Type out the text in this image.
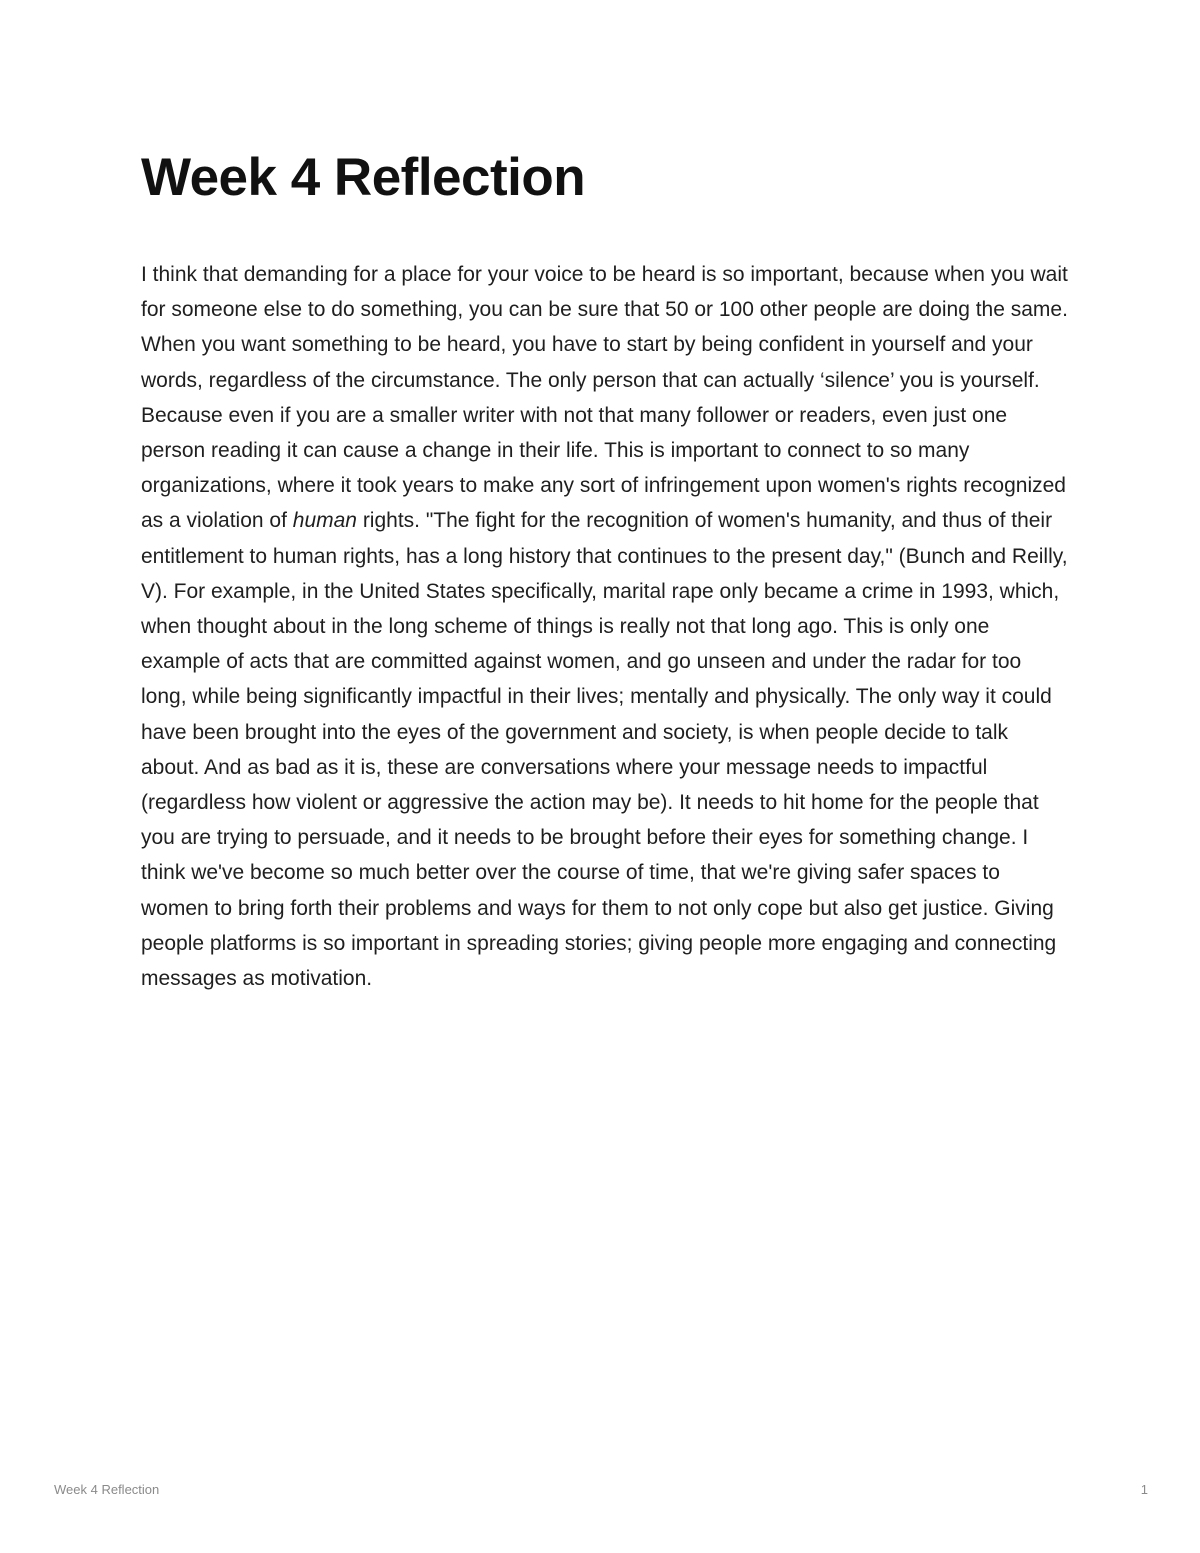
Week 4 Reflection

I think that demanding for a place for your voice to be heard is so important, because when you wait for someone else to do something, you can be sure that 50 or 100 other people are doing the same. When you want something to be heard, you have to start by being confident in yourself and your words, regardless of the circumstance. The only person that can actually ‘silence’ you is yourself. Because even if you are a smaller writer with not that many follower or readers, even just one person reading it can cause a change in their life. This is important to connect to so many organizations, where it took years to make any sort of infringement upon women's rights recognized as a violation of human rights. "The fight for the recognition of women's humanity, and thus of their entitlement to human rights, has a long history that continues to the present day," (Bunch and Reilly, V). For example, in the United States specifically, marital rape only became a crime in 1993, which, when thought about in the long scheme of things is really not that long ago. This is only one example of acts that are committed against women, and go unseen and under the radar for too long, while being significantly impactful in their lives; mentally and physically. The only way it could have been brought into the eyes of the government and society, is when people decide to talk about. And as bad as it is, these are conversations where your message needs to impactful (regardless how violent or aggressive the action may be). It needs to hit home for the people that you are trying to persuade, and it needs to be brought before their eyes for something change. I think we've become so much better over the course of time, that we're giving safer spaces to women to bring forth their problems and ways for them to not only cope but also get justice. Giving people platforms is so important in spreading stories; giving people more engaging and connecting messages as motivation.

Week 4 Reflection	1
